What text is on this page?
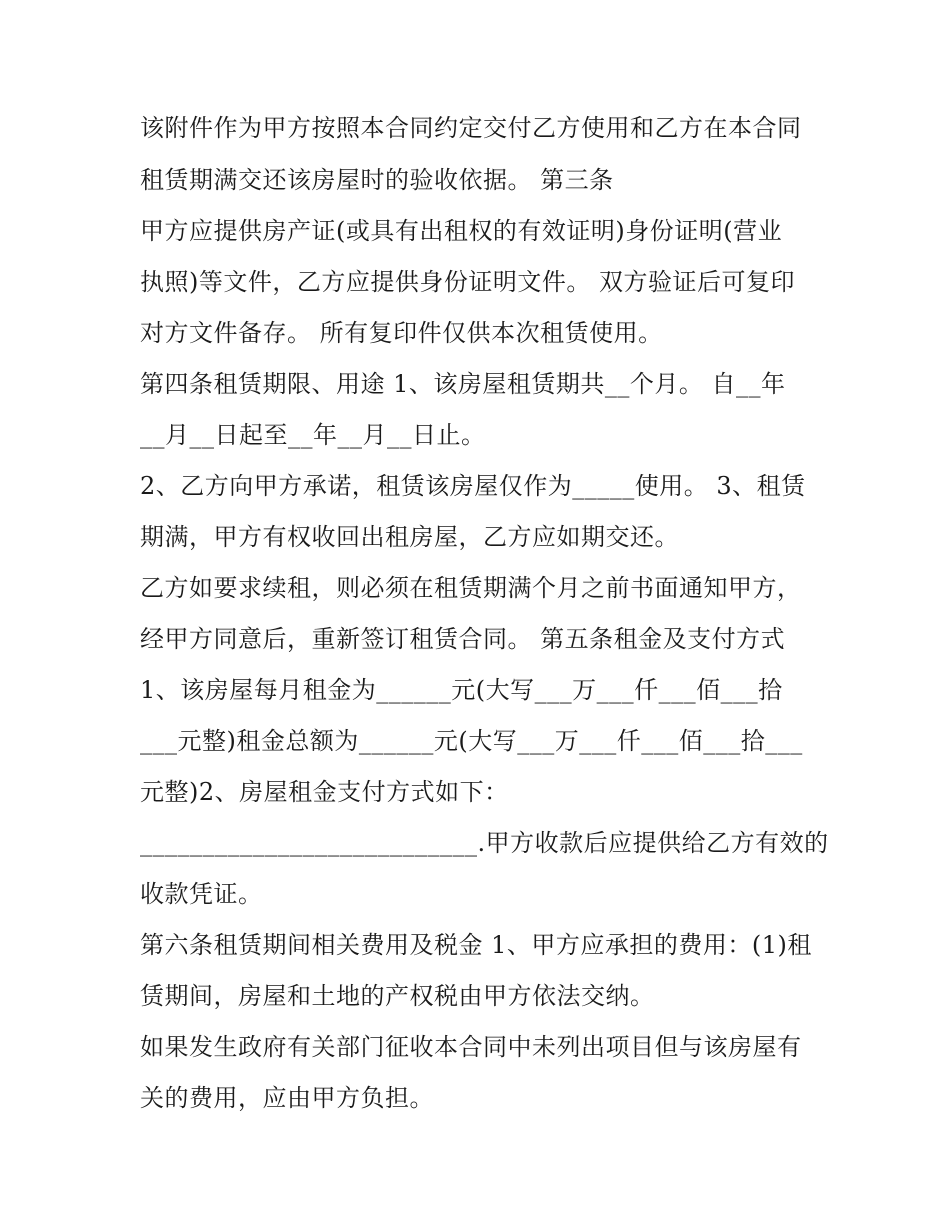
该附件作为甲方按照本合同约定交付乙方使用和乙方在本合同
租赁期满交还该房屋时的验收依据。 第三条
甲方应提供房产证(或具有出租权的有效证明)身份证明(营业
执照)等文件，乙方应提供身份证明文件。 双方验证后可复印
对方文件备存。 所有复印件仅供本次租赁使用。
第四条租赁期限、用途 1、该房屋租赁期共__个月。 自__年
__月__日起至__年__月__日止。
2、乙方向甲方承诺，租赁该房屋仅作为_____使用。 3、租赁
期满，甲方有权收回出租房屋，乙方应如期交还。
乙方如要求续租，则必须在租赁期满个月之前书面通知甲方，
经甲方同意后，重新签订租赁合同。 第五条租金及支付方式
1、该房屋每月租金为______元(大写___万___仟___佰___拾
___元整)租金总额为______元(大写___万___仟___佰___拾___
元整)2、房屋租金支付方式如下：
___________________________.甲方收款后应提供给乙方有效的
收款凭证。
第六条租赁期间相关费用及税金 1、甲方应承担的费用：(1)租
赁期间，房屋和土地的产权税由甲方依法交纳。
如果发生政府有关部门征收本合同中未列出项目但与该房屋有
关的费用，应由甲方负担。
